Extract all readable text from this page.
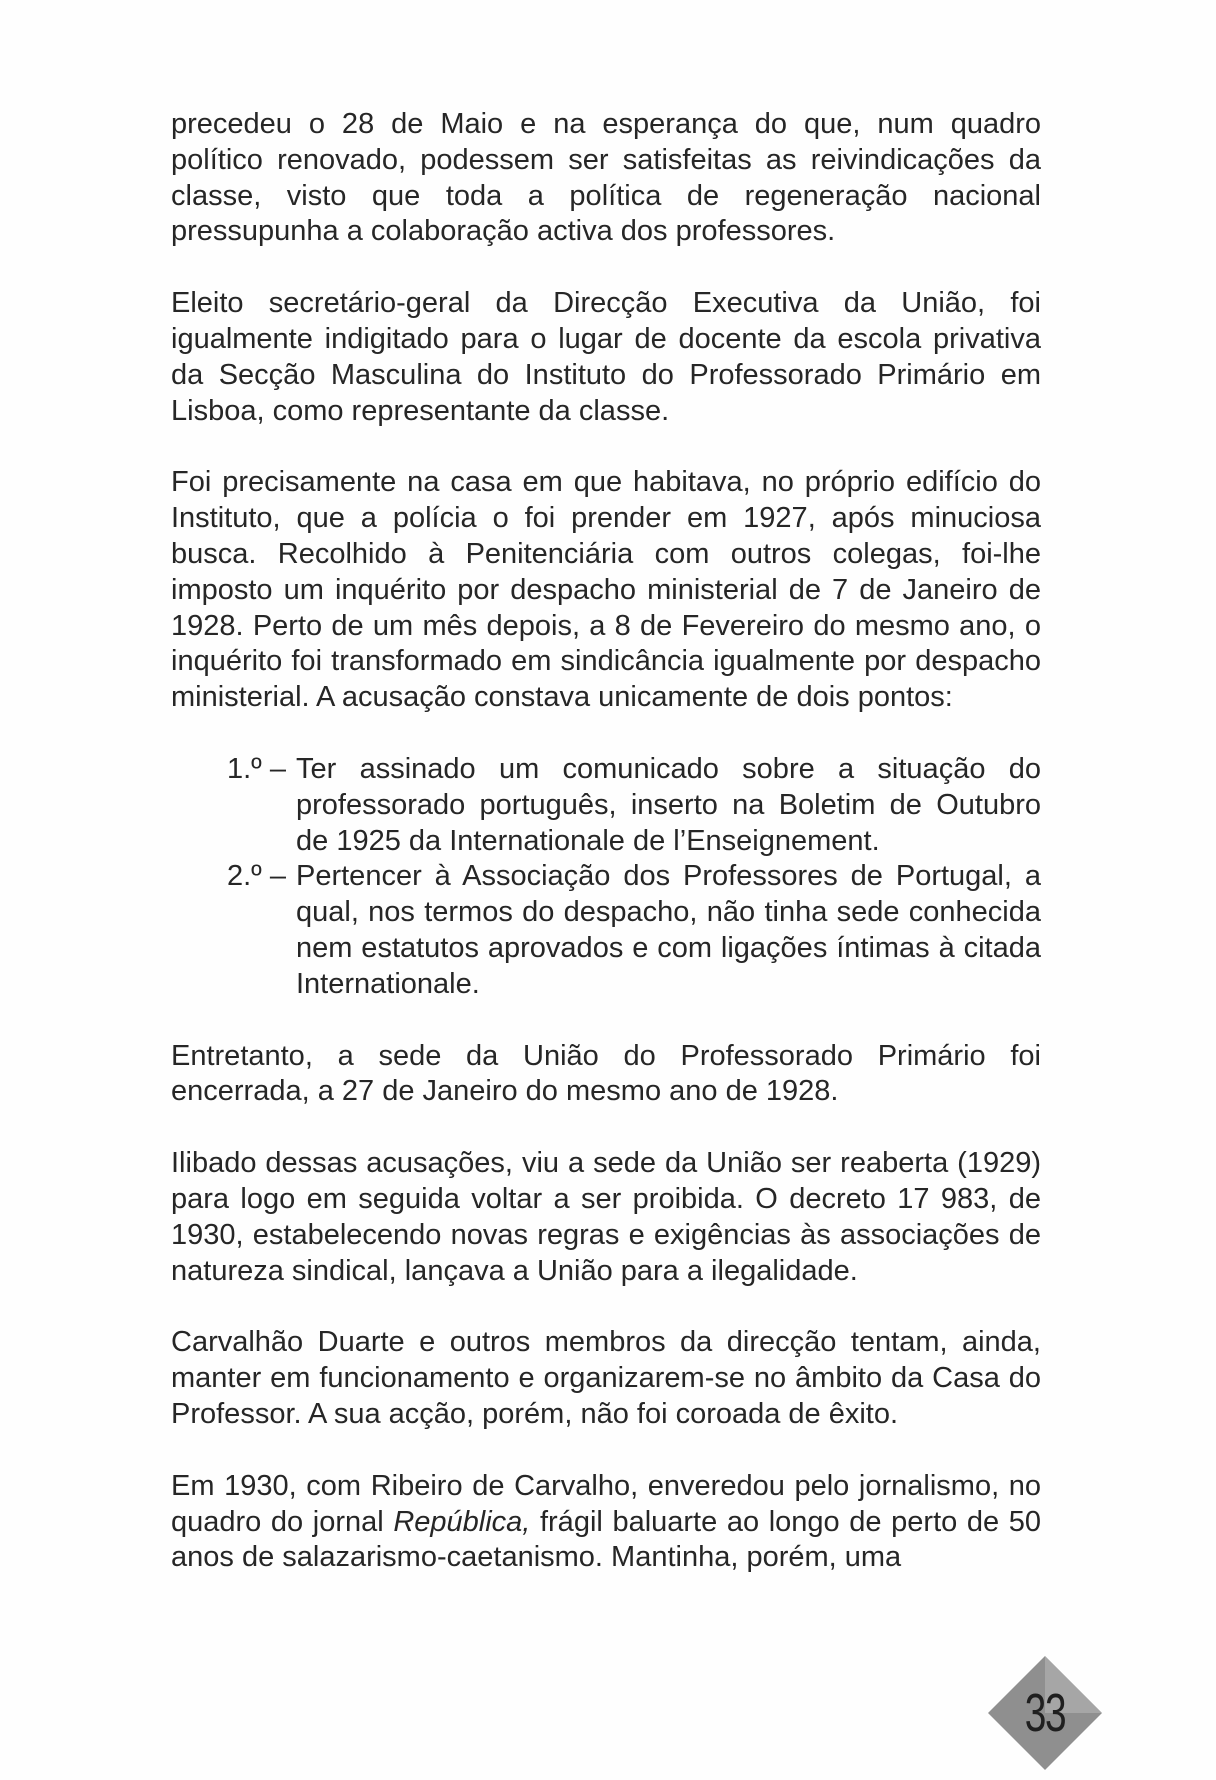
precedeu o 28 de Maio e na esperança do que, num quadro político renovado, podessem ser satisfeitas as reivindicações da classe, visto que toda a política de regeneração nacional pressupunha a colaboração activa dos professores.

Eleito secretário-geral da Direcção Executiva da União, foi igualmente indigitado para o lugar de docente da escola privativa da Secção Masculina do Instituto do Professorado Primário em Lisboa, como representante da classe.

Foi precisamente na casa em que habitava, no próprio edifício do Instituto, que a polícia o foi prender em 1927, após minuciosa busca. Recolhido à Penitenciária com outros colegas, foi-lhe imposto um inquérito por despacho ministerial de 7 de Janeiro de 1928. Perto de um mês depois, a 8 de Fevereiro do mesmo ano, o inquérito foi transformado em sindicância igualmente por despacho ministerial. A acusação constava unicamente de dois pontos:

1.º – Ter assinado um comunicado sobre a situação do professorado português, inserto na Boletim de Outubro de 1925 da Internationale de l’Enseignement.
2.º – Pertencer à Associação dos Professores de Portugal, a qual, nos termos do despacho, não tinha sede conhecida nem estatutos aprovados e com ligações íntimas à citada Internationale.

Entretanto, a sede da União do Professorado Primário foi encerrada, a 27 de Janeiro do mesmo ano de 1928.

Ilibado dessas acusações, viu a sede da União ser reaberta (1929) para logo em seguida voltar a ser proibida. O decreto 17 983, de 1930, estabelecendo novas regras e exigências às associações de natureza sindical, lançava a União para a ilegalidade.

Carvalhão Duarte e outros membros da direcção tentam, ainda, manter em funcionamento e organizarem-se no âmbito da Casa do Professor. A sua acção, porém, não foi coroada de êxito.

Em 1930, com Ribeiro de Carvalho, enveredou pelo jornalismo, no quadro do jornal República, frágil baluarte ao longo de perto de 50 anos de salazarismo-caetanismo. Mantinha, porém, uma

33
